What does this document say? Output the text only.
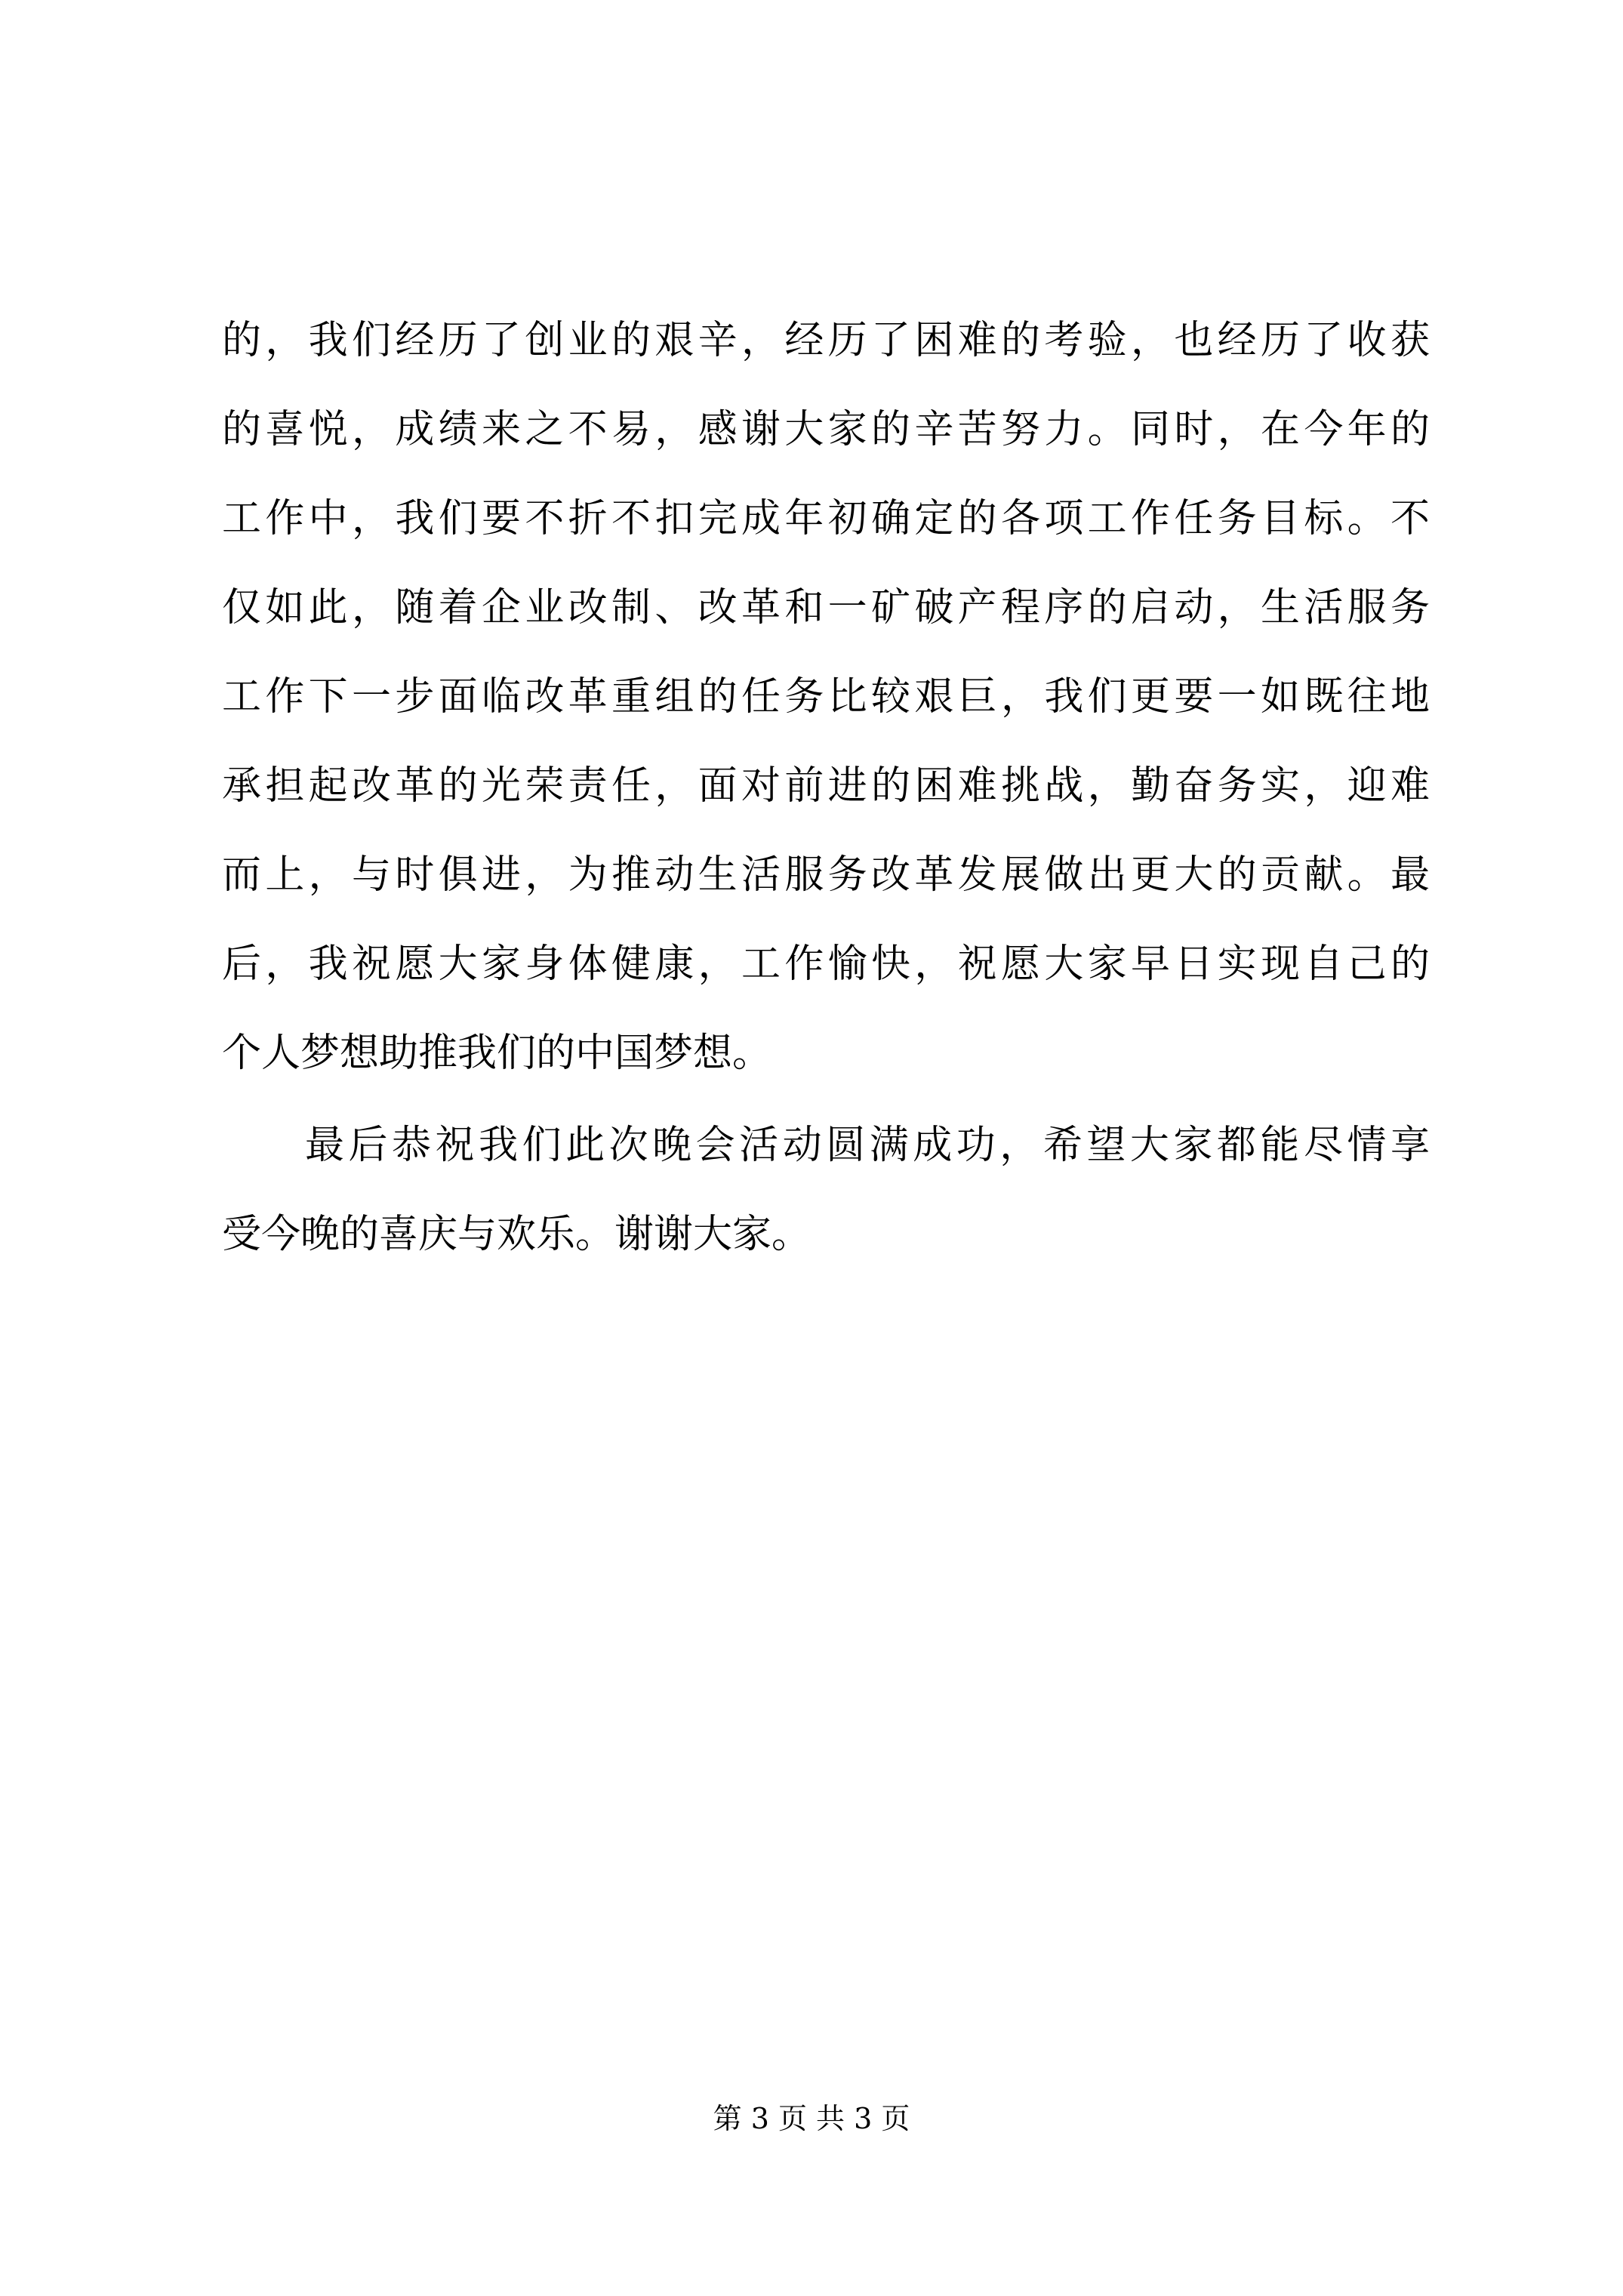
的，我们经历了创业的艰辛，经历了困难的考验，也经历了收获
的喜悦，成绩来之不易，感谢大家的辛苦努力。同时，在今年的
工作中，我们要不折不扣完成年初确定的各项工作任务目标。不
仅如此，随着企业改制、改革和一矿破产程序的启动，生活服务
工作下一步面临改革重组的任务比较艰巨，我们更要一如既往地
承担起改革的光荣责任，面对前进的困难挑战，勤奋务实，迎难
而上，与时俱进，为推动生活服务改革发展做出更大的贡献。最
后，我祝愿大家身体健康，工作愉快，祝愿大家早日实现自己的
个人梦想助推我们的中国梦想。
最后恭祝我们此次晚会活动圆满成功，希望大家都能尽情享
受今晚的喜庆与欢乐。谢谢大家。
第 3 页 共 3 页
